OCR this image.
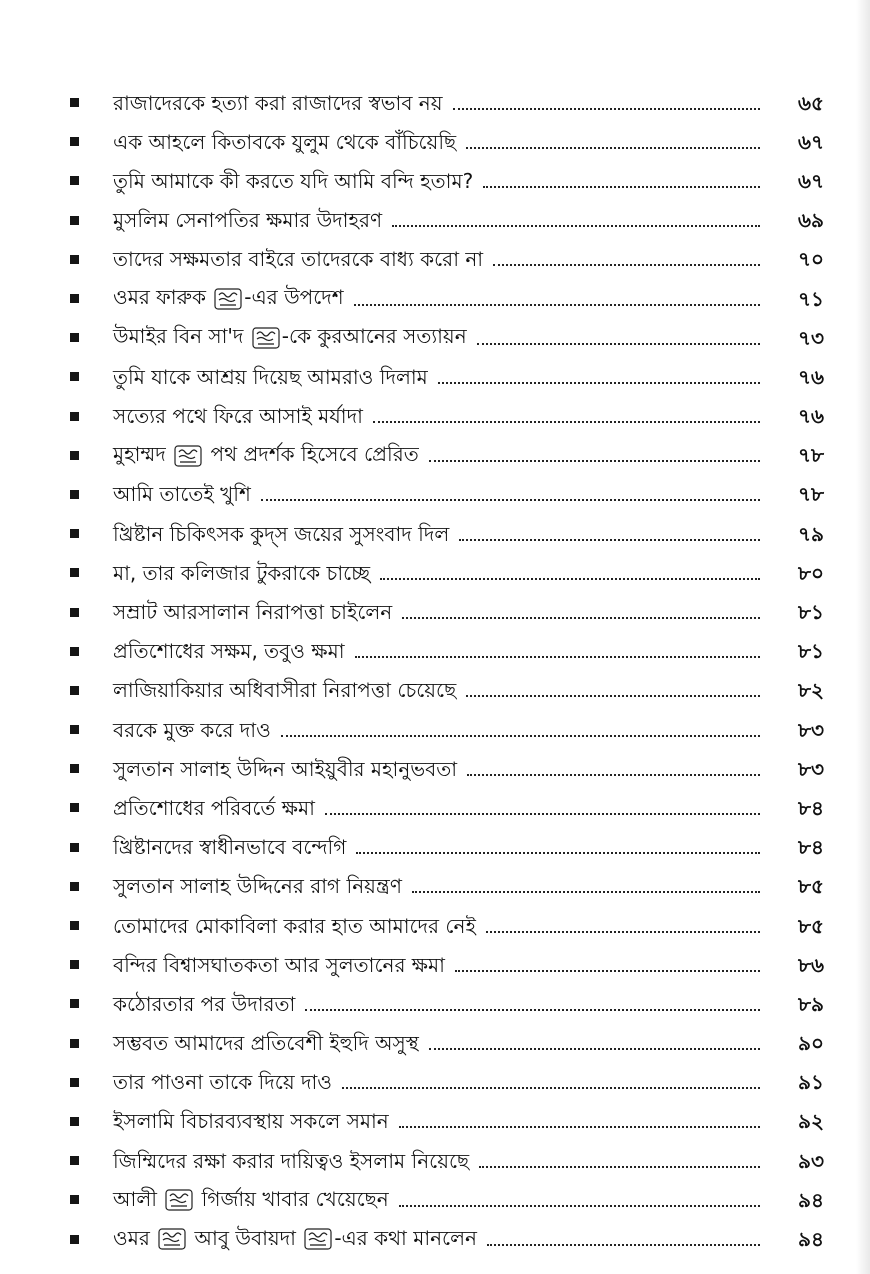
রাজাদেরকে হত্যা করা রাজাদের স্বভাব নয়	৬৫
এক আহলে কিতাবকে যুলুম থেকে বাঁচিয়েছি	৬৭
তুমি আমাকে কী করতে যদি আমি বন্দি হতাম?	৬৭
মুসলিম সেনাপতির ক্ষমার উদাহরণ	৬৯
তাদের সক্ষমতার বাইরে তাদেরকে বাধ্য করো না	৭০
ওমর ফারুক -এর উপদেশ	৭১
উমাইর বিন সা'দ -কে কুরআনের সত্যায়ন	৭৩
তুমি যাকে আশ্রয় দিয়েছ আমরাও দিলাম	৭৬
সত্যের পথে ফিরে আসাই মর্যাদা	৭৬
মুহাম্মদ  পথ প্রদর্শক হিসেবে প্রেরিত	৭৮
আমি তাতেই খুশি	৭৮
খ্রিষ্টান চিকিৎসক কুদ্স জয়ের সুসংবাদ দিল	৭৯
মা, তার কলিজার টুকরাকে চাচ্ছে	৮০
সম্রাট আরসালান নিরাপত্তা চাইলেন	৮১
প্রতিশোধের সক্ষম, তবুও ক্ষমা	৮১
লাজিয়াকিয়ার অধিবাসীরা নিরাপত্তা চেয়েছে	৮২
বরকে মুক্ত করে দাও	৮৩
সুলতান সালাহ উদ্দিন আইয়ুবীর মহানুভবতা	৮৩
প্রতিশোধের পরিবর্তে ক্ষমা	৮৪
খ্রিষ্টানদের স্বাধীনভাবে বন্দেগি	৮৪
সুলতান সালাহ উদ্দিনের রাগ নিয়ন্ত্রণ	৮৫
তোমাদের মোকাবিলা করার হাত আমাদের নেই	৮৫
বন্দির বিশ্বাসঘাতকতা আর সুলতানের ক্ষমা	৮৬
কঠোরতার পর উদারতা	৮৯
সম্ভবত আমাদের প্রতিবেশী ইহুদি অসুস্থ	৯০
তার পাওনা তাকে দিয়ে দাও	৯১
ইসলামি বিচারব্যবস্থায় সকলে সমান	৯২
জিম্মিদের রক্ষা করার দায়িত্বও ইসলাম নিয়েছে	৯৩
আলী  গির্জায় খাবার খেয়েছেন	৯৪
ওমর  আবু উবায়দা -এর কথা মানলেন	৯৪
